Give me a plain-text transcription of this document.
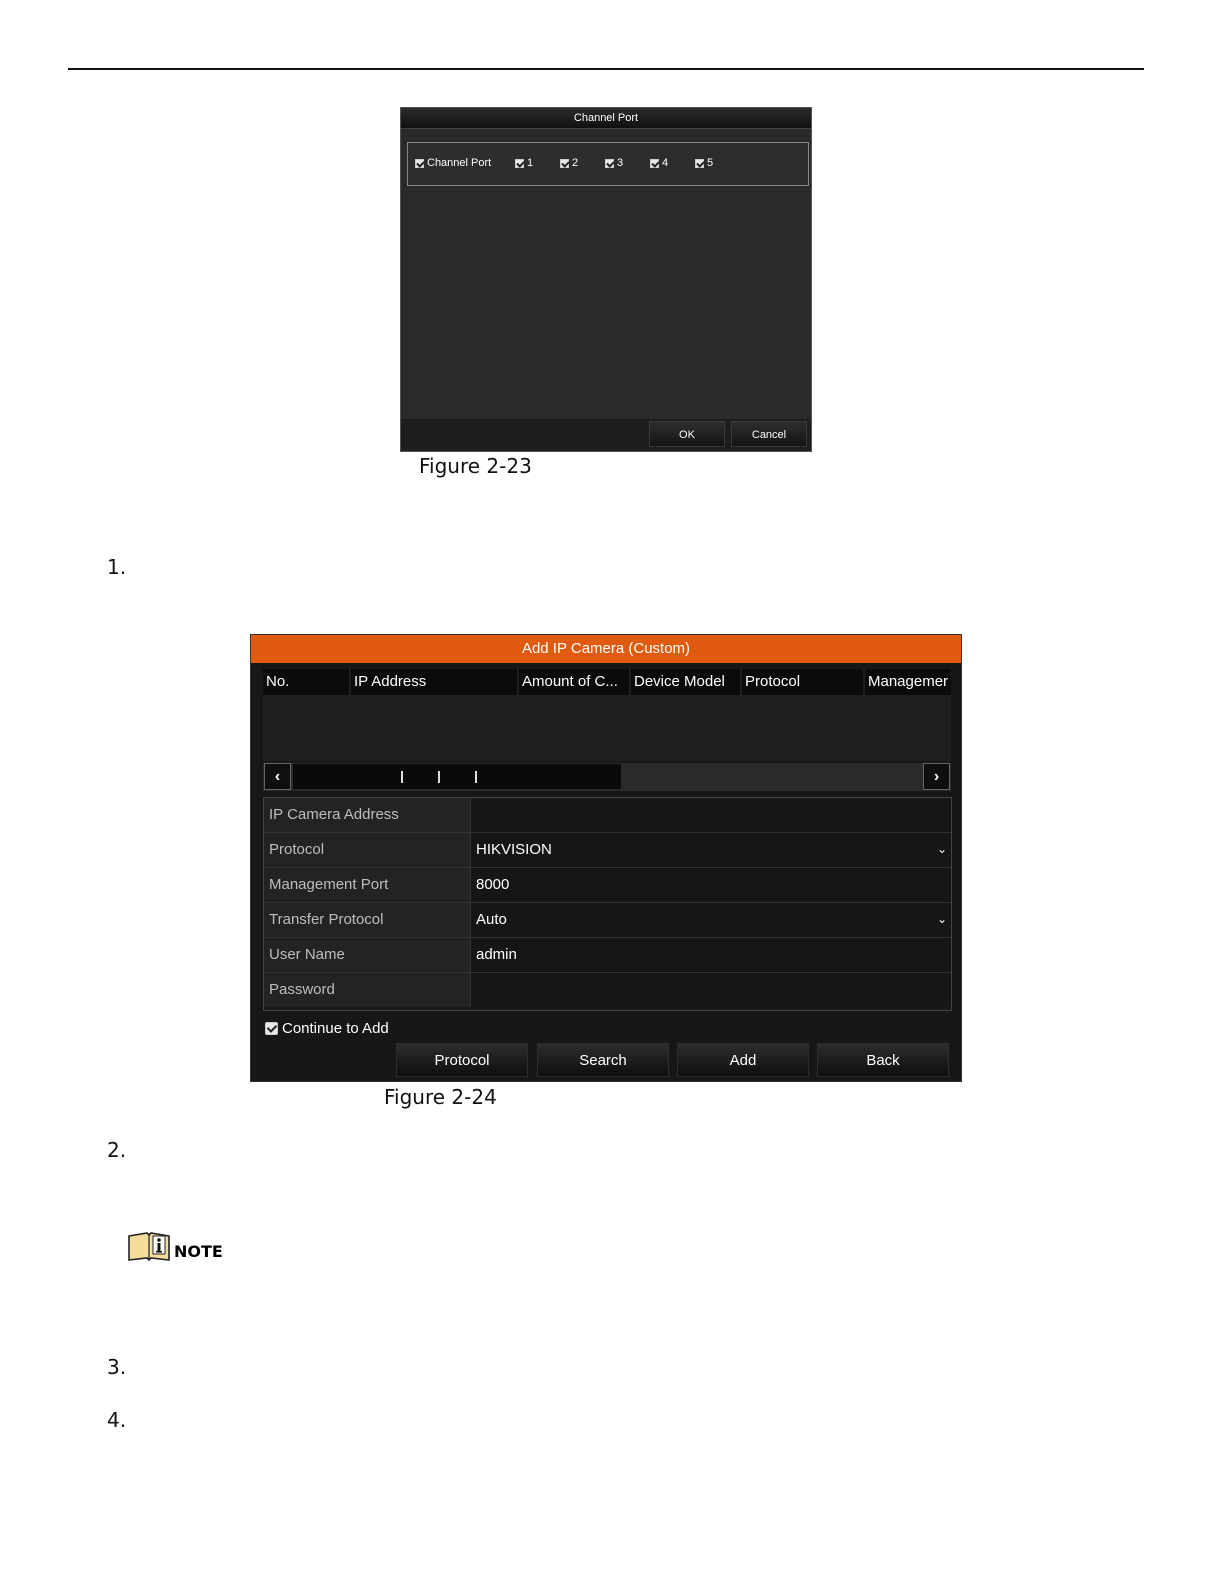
Channel Port
Channel Port	1	2	3	4	5
OK	Cancel
Figure 2-23
1.
Add IP Camera (Custom)
No.	IP Address	Amount of C...	Device Model	Protocol	Managemer
‹	›
IP Camera Address
Protocol	HIKVISION	⌄
Management Port	8000
Transfer Protocol	Auto	⌄
User Name	admin
Password
Continue to Add
Protocol	Search	Add	Back
Figure 2-24
2.
NOTE
3.
4.
